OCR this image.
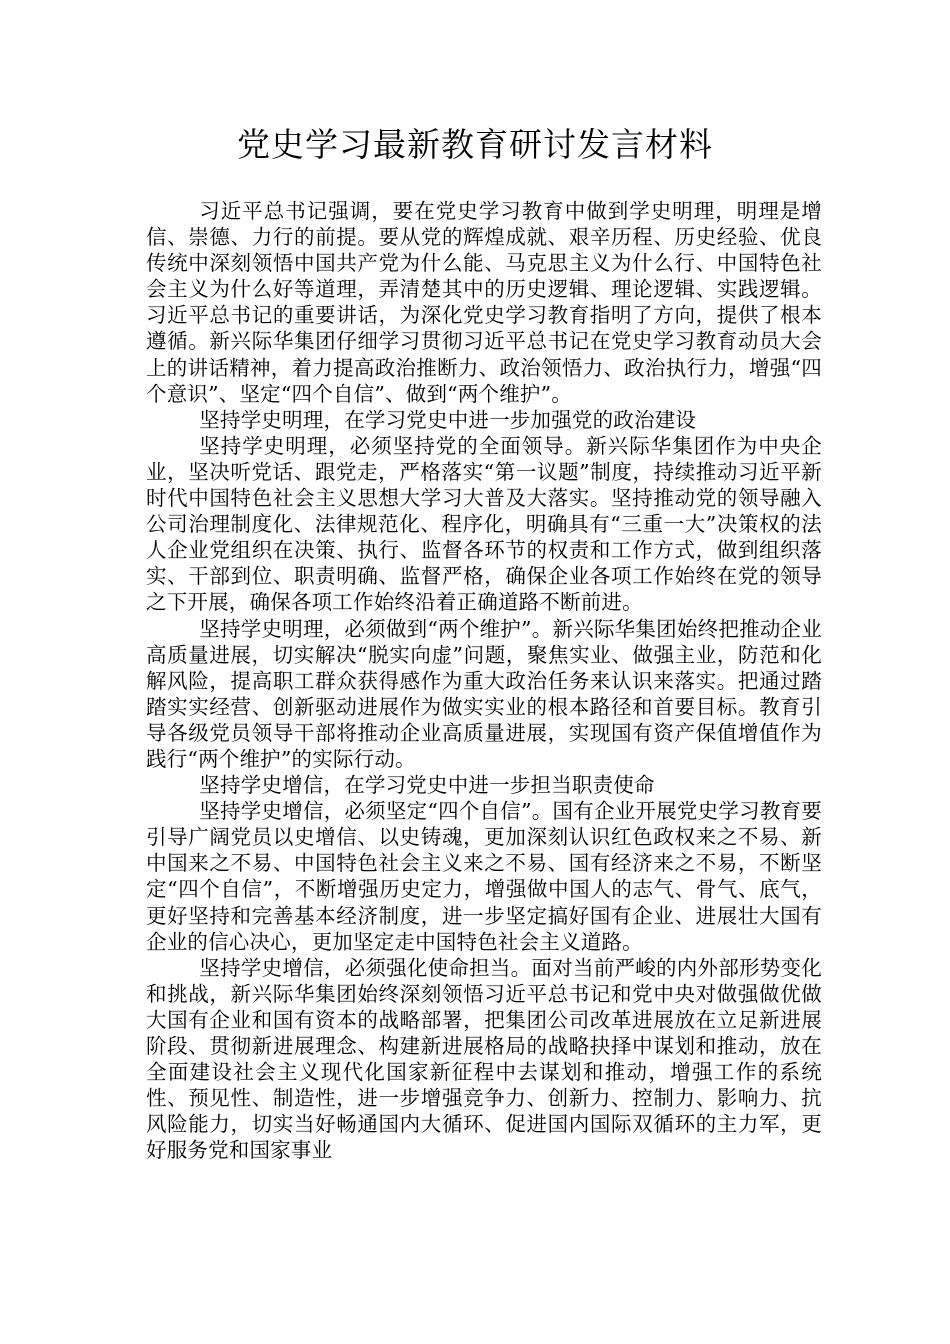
党史学习最新教育研讨发言材料

习近平总书记强调，要在党史学习教育中做到学史明理，明理是增信、崇德、力行的前提。要从党的辉煌成就、艰辛历程、历史经验、优良传统中深刻领悟中国共产党为什么能、马克思主义为什么行、中国特色社会主义为什么好等道理，弄清楚其中的历史逻辑、理论逻辑、实践逻辑。习近平总书记的重要讲话，为深化党史学习教育指明了方向，提供了根本遵循。新兴际华集团仔细学习贯彻习近平总书记在党史学习教育动员大会上的讲话精神，着力提高政治推断力、政治领悟力、政治执行力，增强“四个意识”、坚定“四个自信”、做到“两个维护”。

坚持学史明理，在学习党史中进一步加强党的政治建设

坚持学史明理，必须坚持党的全面领导。新兴际华集团作为中央企业，坚决听党话、跟党走，严格落实“第一议题”制度，持续推动习近平新时代中国特色社会主义思想大学习大普及大落实。坚持推动党的领导融入公司治理制度化、法律规范化、程序化，明确具有“三重一大”决策权的法人企业党组织在决策、执行、监督各环节的权责和工作方式，做到组织落实、干部到位、职责明确、监督严格，确保企业各项工作始终在党的领导之下开展，确保各项工作始终沿着正确道路不断前进。

坚持学史明理，必须做到“两个维护”。新兴际华集团始终把推动企业高质量进展，切实解决“脱实向虚”问题，聚焦实业、做强主业，防范和化解风险，提高职工群众获得感作为重大政治任务来认识来落实。把通过踏踏实实经营、创新驱动进展作为做实实业的根本路径和首要目标。教育引导各级党员领导干部将推动企业高质量进展，实现国有资产保值增值作为践行“两个维护”的实际行动。

坚持学史增信，在学习党史中进一步担当职责使命

坚持学史增信，必须坚定“四个自信”。国有企业开展党史学习教育要引导广阔党员以史增信、以史铸魂，更加深刻认识红色政权来之不易、新中国来之不易、中国特色社会主义来之不易、国有经济来之不易，不断坚定“四个自信”，不断增强历史定力，增强做中国人的志气、骨气、底气，更好坚持和完善基本经济制度，进一步坚定搞好国有企业、进展壮大国有企业的信心决心，更加坚定走中国特色社会主义道路。

坚持学史增信，必须强化使命担当。面对当前严峻的内外部形势变化和挑战，新兴际华集团始终深刻领悟习近平总书记和党中央对做强做优做大国有企业和国有资本的战略部署，把集团公司改革进展放在立足新进展阶段、贯彻新进展理念、构建新进展格局的战略抉择中谋划和推动，放在全面建设社会主义现代化国家新征程中去谋划和推动，增强工作的系统性、预见性、制造性，进一步增强竞争力、创新力、控制力、影响力、抗风险能力，切实当好畅通国内大循环、促进国内国际双循环的主力军，更好服务党和国家事业
